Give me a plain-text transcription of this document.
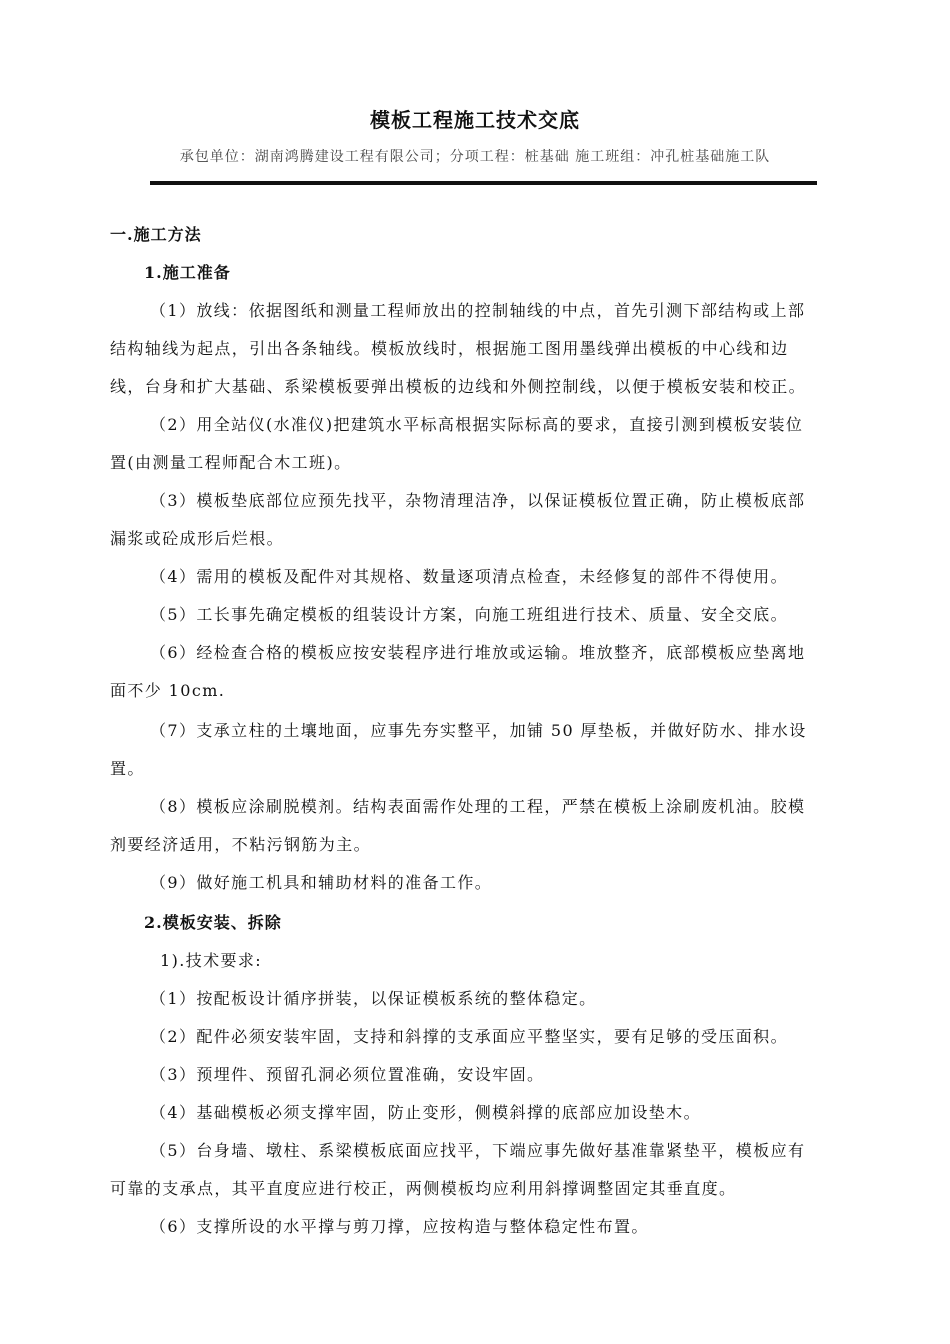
模板工程施工技术交底
承包单位：湖南鸿腾建设工程有限公司；分项工程：桩基础 施工班组：冲孔桩基础施工队

一.施工方法

1.施工准备

（1）放线：依据图纸和测量工程师放出的控制轴线的中点，首先引测下部结构或上部

结构轴线为起点，引出各条轴线。模板放线时，根据施工图用墨线弹出模板的中心线和边

线，台身和扩大基础、系梁模板要弹出模板的边线和外侧控制线，以便于模板安装和校正。

（2）用全站仪(水准仪)把建筑水平标高根据实际标高的要求，直接引测到模板安装位

置(由测量工程师配合木工班)。

（3）模板垫底部位应预先找平，杂物清理洁净，以保证模板位置正确，防止模板底部

漏浆或砼成形后烂根。

（4）需用的模板及配件对其规格、数量逐项清点检查，未经修复的部件不得使用。

（5）工长事先确定模板的组装设计方案，向施工班组进行技术、质量、安全交底。

（6）经检查合格的模板应按安装程序进行堆放或运输。堆放整齐，底部模板应垫离地

面不少 10cm.

（7）支承立柱的土壤地面，应事先夯实整平，加铺 50 厚垫板，并做好防水、排水设

置。

（8）模板应涂刷脱模剂。结构表面需作处理的工程，严禁在模板上涂刷废机油。胶模

剂要经济适用，不粘污钢筋为主。

（9）做好施工机具和辅助材料的准备工作。

2.模板安装、拆除

1).技术要求:

（1）按配板设计循序拼装，以保证模板系统的整体稳定。

（2）配件必须安装牢固，支持和斜撑的支承面应平整坚实，要有足够的受压面积。

（3）预埋件、预留孔洞必须位置准确，安设牢固。

（4）基础模板必须支撑牢固，防止变形，侧模斜撑的底部应加设垫木。

（5）台身墙、墩柱、系梁模板底面应找平，下端应事先做好基准靠紧垫平，模板应有

可靠的支承点，其平直度应进行校正，两侧模板均应利用斜撑调整固定其垂直度。

（6）支撑所设的水平撑与剪刀撑，应按构造与整体稳定性布置。
